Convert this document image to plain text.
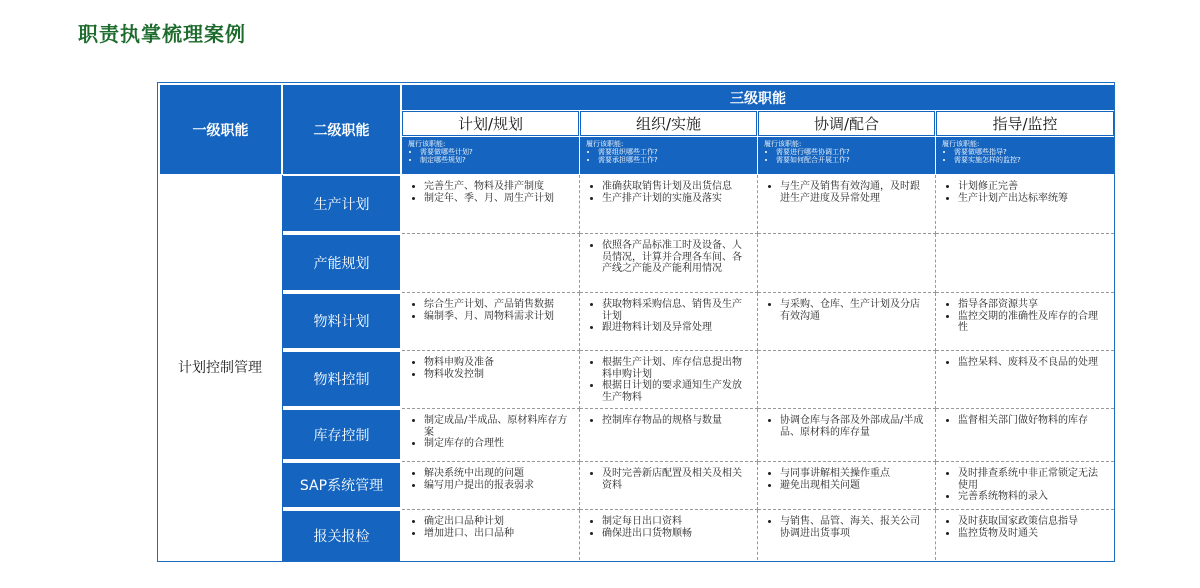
职责执掌梳理案例
一级职能	二级职能
三级职能
计划/规划
履行该职能:
• 需要做哪些计划?
• 制定哪些规划?
组织/实施
履行该职能:
• 需要组织哪些工作?
• 需要承担哪些工作?
协调/配合
履行该职能:
• 需要进行哪些协调工作?
• 需要如何配合开展工作?
指导/监控
履行该职能:
• 需要做哪些指导?
• 需要实施怎样的监控?
生产计划
• 完善生产、物料及排产制度
• 制定年、季、月、周生产计划
• 准确获取销售计划及出货信息
• 生产排产计划的实施及落实
• 与生产及销售有效沟通，及时跟进生产进度及异常处理
• 计划修正完善
• 生产计划产出达标率统筹
产能规划
• 依照各产品标准工时及设备、人员情况，计算并合理各车间、各产线之产能及产能利用情况
物料计划
• 综合生产计划、产品销售数据
• 编制季、月、周物料需求计划
• 获取物料采购信息、销售及生产计划
• 跟进物料计划及异常处理
• 与采购、仓库、生产计划及分店有效沟通
• 指导各部资源共享
• 监控交期的准确性及库存的合理性
物料控制
• 物料申购及准备
• 物料收发控制
• 根据生产计划、库存信息提出物料申购计划
• 根据日计划的要求通知生产发放生产物料
• 监控呆料、废料及不良品的处理
库存控制
• 制定成品/半成品、原材料库存方案
• 制定库存的合理性
• 控制库存物品的规格与数量
•	协调仓库与各部及外部成品/半成品、原材料的库存量
• 监督相关部门做好物料的库存
SAP系统管理
• 解决系统中出现的问题
• 编写用户提出的报表弱求
• 及时完善新店配置及相关及相关资料
• 与同事讲解相关操作重点
• 避免出现相关问题
• 及时排查系统中非正常锁定无法使用
• 完善系统物料的录入
报关报检
• 确定出口品种计划
• 增加进口、出口品种
• 制定每日出口资料
• 确保进出口货物顺畅
• 与销售、品管、海关、报关公司协调进出货事项
• 及时获取国家政策信息指导
• 监控货物及时通关
计划控制管理
